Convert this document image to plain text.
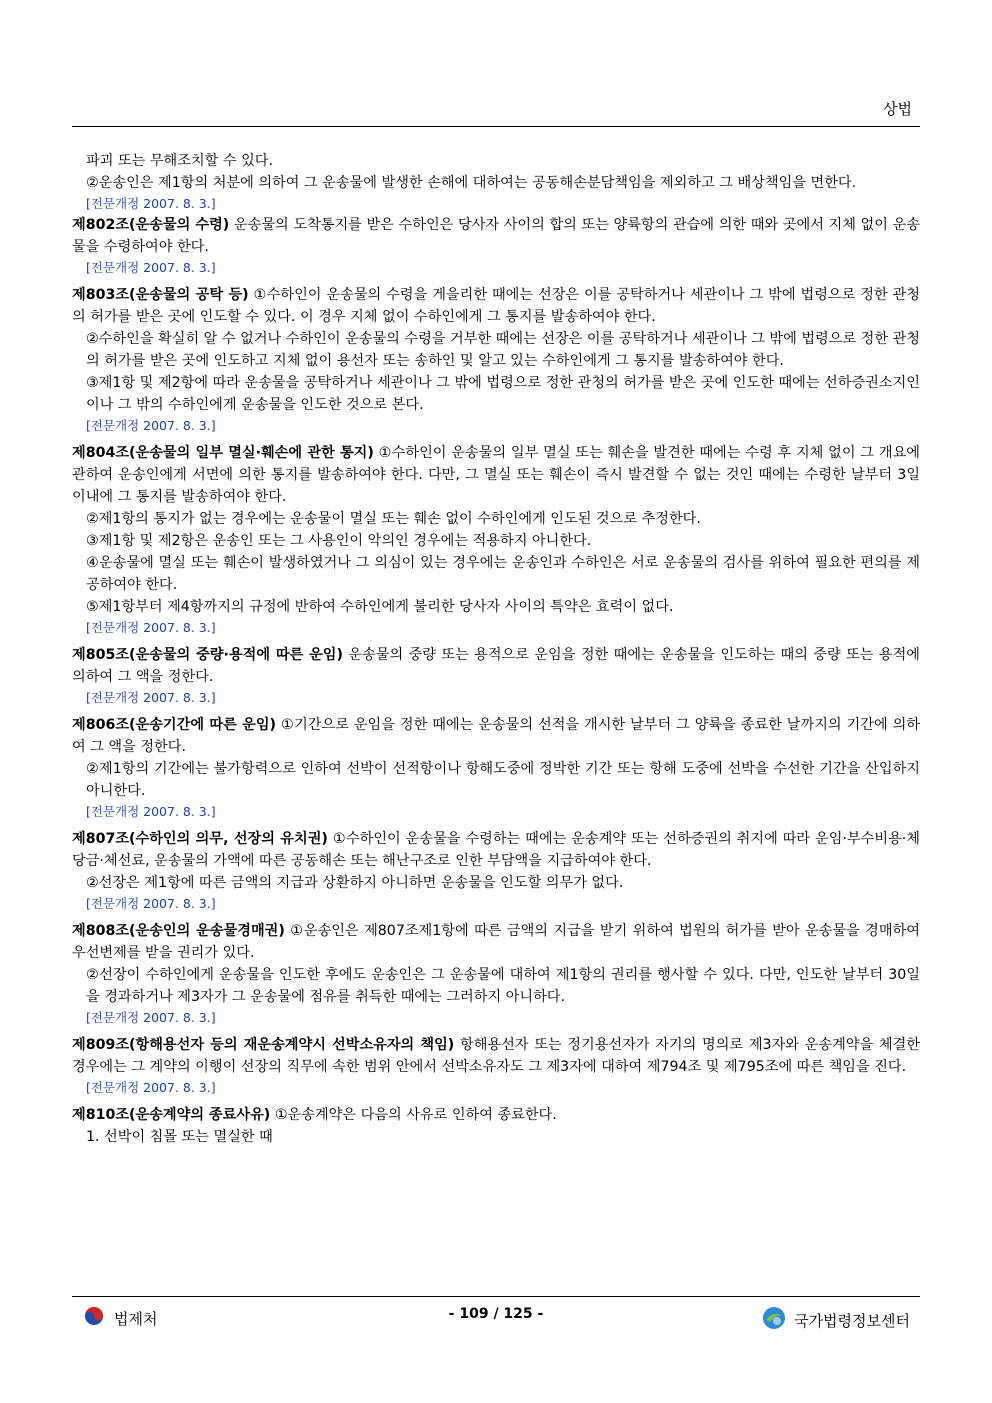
상법
파괴 또는 무해조치할 수 있다.
②운송인은 제1항의 처분에 의하여 그 운송물에 발생한 손해에 대하여는 공동해손분담책임을 제외하고 그 배상책임을 면한다.
[전문개정 2007. 8. 3.]
제802조(운송물의 수령) 운송물의 도착통지를 받은 수하인은 당사자 사이의 합의 또는 양륙항의 관습에 의한 때와 곳에서 지체 없이 운송물을 수령하여야 한다.
[전문개정 2007. 8. 3.]
제803조(운송물의 공탁 등) ①수하인이 운송물의 수령을 게을리한 때에는 선장은 이를 공탁하거나 세관이나 그 밖에 법령으로 정한 관청의 허가를 받은 곳에 인도할 수 있다. 이 경우 지체 없이 수하인에게 그 통지를 발송하여야 한다.
②수하인을 확실히 알 수 없거나 수하인이 운송물의 수령을 거부한 때에는 선장은 이를 공탁하거나 세관이나 그 밖에 법령으로 정한 관청의 허가를 받은 곳에 인도하고 지체 없이 용선자 또는 송하인 및 알고 있는 수하인에게 그 통지를 발송하여야 한다.
③제1항 및 제2항에 따라 운송물을 공탁하거나 세관이나 그 밖에 법령으로 정한 관청의 허가를 받은 곳에 인도한 때에는 선하증권소지인이나 그 밖의 수하인에게 운송물을 인도한 것으로 본다.
[전문개정 2007. 8. 3.]
제804조(운송물의 일부 멸실·훼손에 관한 통지) ①수하인이 운송물의 일부 멸실 또는 훼손을 발견한 때에는 수령 후 지체 없이 그 개요에 관하여 운송인에게 서면에 의한 통지를 발송하여야 한다. 다만, 그 멸실 또는 훼손이 즉시 발견할 수 없는 것인 때에는 수령한 날부터 3일 이내에 그 통지를 발송하여야 한다.
②제1항의 통지가 없는 경우에는 운송물이 멸실 또는 훼손 없이 수하인에게 인도된 것으로 추정한다.
③제1항 및 제2항은 운송인 또는 그 사용인이 악의인 경우에는 적용하지 아니한다.
④운송물에 멸실 또는 훼손이 발생하였거나 그 의심이 있는 경우에는 운송인과 수하인은 서로 운송물의 검사를 위하여 필요한 편의를 제공하여야 한다.
⑤제1항부터 제4항까지의 규정에 반하여 수하인에게 불리한 당사자 사이의 특약은 효력이 없다.
[전문개정 2007. 8. 3.]
제805조(운송물의 중량·용적에 따른 운임) 운송물의 중량 또는 용적으로 운임을 정한 때에는 운송물을 인도하는 때의 중량 또는 용적에 의하여 그 액을 정한다.
[전문개정 2007. 8. 3.]
제806조(운송기간에 따른 운임) ①기간으로 운임을 정한 때에는 운송물의 선적을 개시한 날부터 그 양륙을 종료한 날까지의 기간에 의하여 그 액을 정한다.
②제1항의 기간에는 불가항력으로 인하여 선박이 선적항이나 항해도중에 정박한 기간 또는 항해 도중에 선박을 수선한 기간을 산입하지 아니한다.
[전문개정 2007. 8. 3.]
제807조(수하인의 의무, 선장의 유치권) ①수하인이 운송물을 수령하는 때에는 운송계약 또는 선하증권의 취지에 따라 운임·부수비용·체당금·체선료, 운송물의 가액에 따른 공동해손 또는 해난구조로 인한 부담액을 지급하여야 한다.
②선장은 제1항에 따른 금액의 지급과 상환하지 아니하면 운송물을 인도할 의무가 없다.
[전문개정 2007. 8. 3.]
제808조(운송인의 운송물경매권) ①운송인은 제807조제1항에 따른 금액의 지급을 받기 위하여 법원의 허가를 받아 운송물을 경매하여 우선변제를 받을 권리가 있다.
②선장이 수하인에게 운송물을 인도한 후에도 운송인은 그 운송물에 대하여 제1항의 권리를 행사할 수 있다. 다만, 인도한 날부터 30일을 경과하거나 제3자가 그 운송물에 점유를 취득한 때에는 그러하지 아니하다.
[전문개정 2007. 8. 3.]
제809조(항해용선자 등의 재운송계약시 선박소유자의 책임) 항해용선자 또는 정기용선자가 자기의 명의로 제3자와 운송계약을 체결한 경우에는 그 계약의 이행이 선장의 직무에 속한 범위 안에서 선박소유자도 그 제3자에 대하여 제794조 및 제795조에 따른 책임을 진다.
[전문개정 2007. 8. 3.]
제810조(운송계약의 종료사유) ①운송계약은 다음의 사유로 인하여 종료한다.
1. 선박이 침몰 또는 멸실한 때
법제처	- 109 / 125 -	국가법령정보센터
